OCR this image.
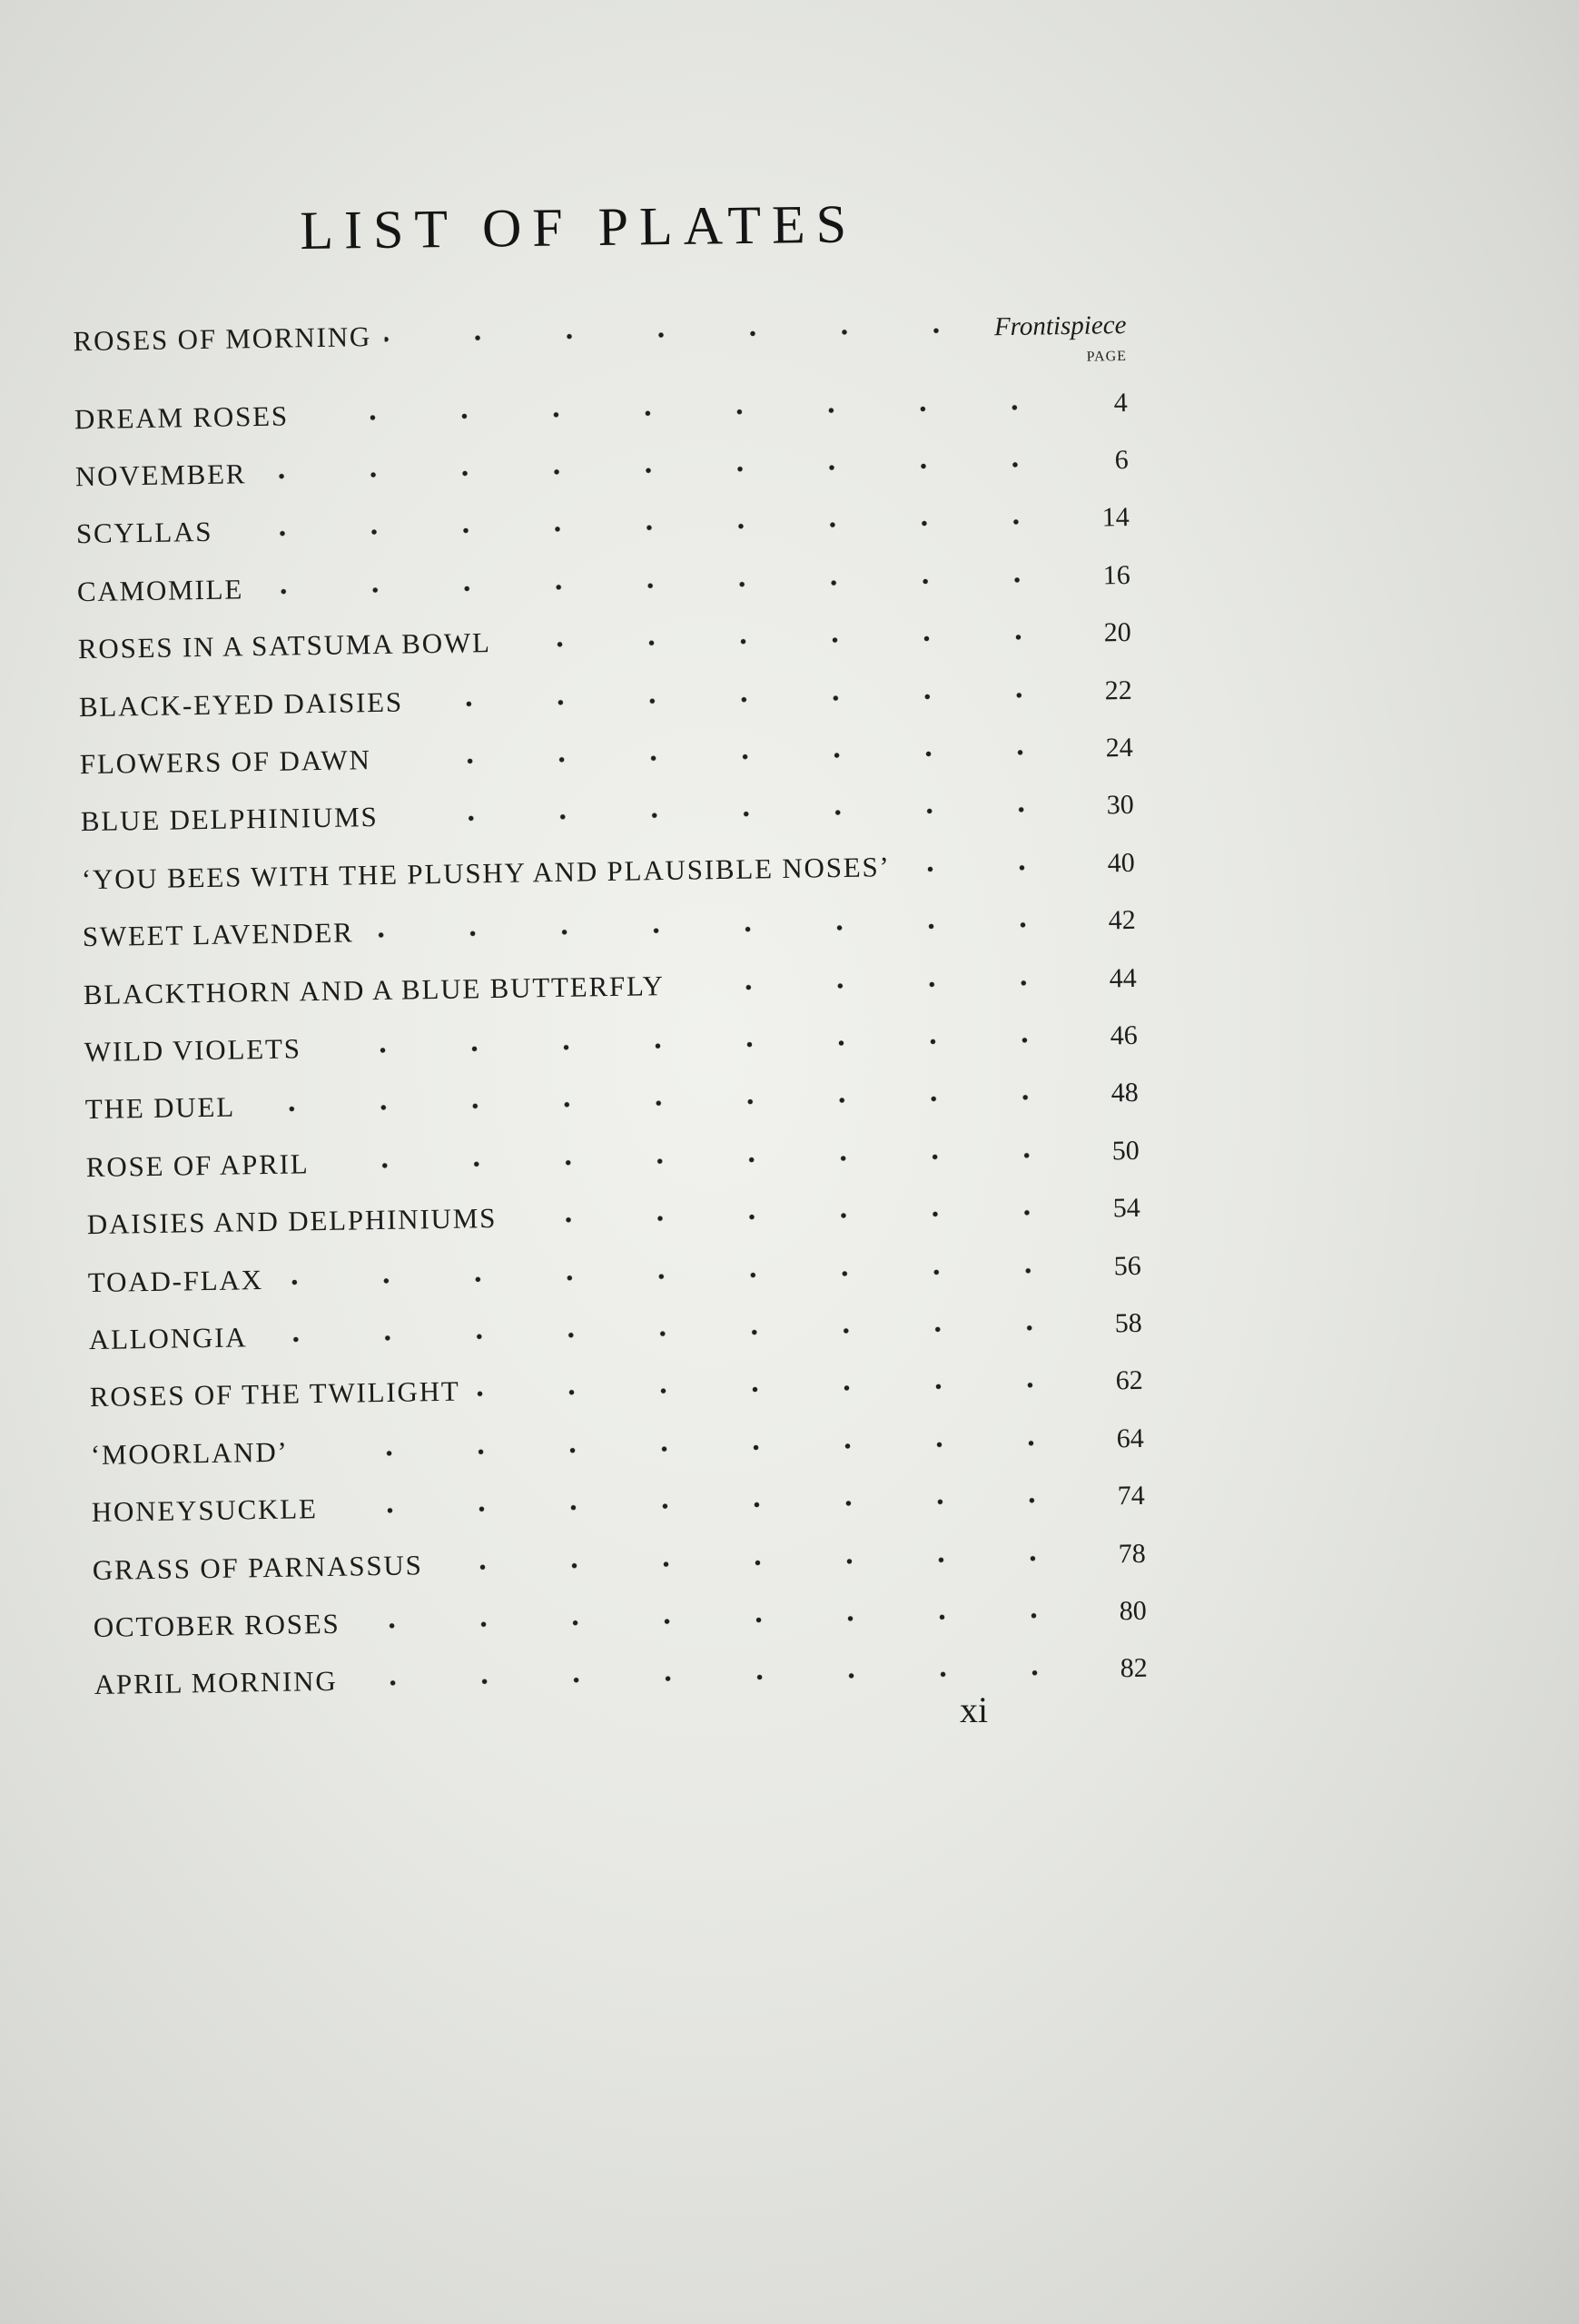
LIST OF PLATES
ROSES OF MORNING	Frontispiece
PAGE
DREAM ROSES	4
NOVEMBER	6
SCYLLAS	14
CAMOMILE	16
ROSES IN A SATSUMA BOWL	20
BLACK-EYED DAISIES	22
FLOWERS OF DAWN	24
BLUE DELPHINIUMS	30
‘YOU BEES WITH THE PLUSHY AND PLAUSIBLE NOSES’	40
SWEET LAVENDER	42
BLACKTHORN AND A BLUE BUTTERFLY	44
WILD VIOLETS	46
THE DUEL	48
ROSE OF APRIL	50
DAISIES AND DELPHINIUMS	54
TOAD-FLAX	56
ALLONGIA	58
ROSES OF THE TWILIGHT	62
‘MOORLAND’	64
HONEYSUCKLE	74
GRASS OF PARNASSUS	78
OCTOBER ROSES	80
APRIL MORNING	82
xi
